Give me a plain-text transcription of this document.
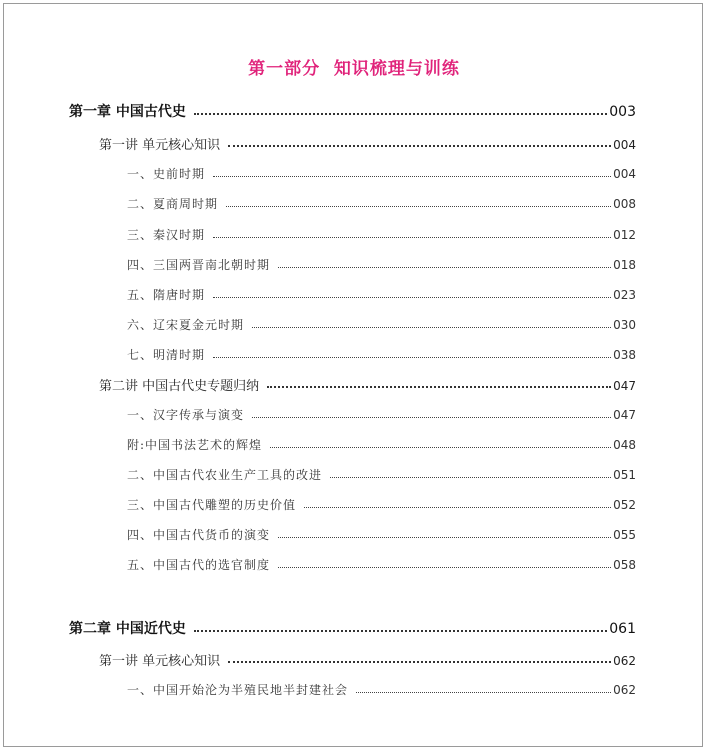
第一部分  知识梳理与训练
第一章 中国古代史	003
第一讲 单元核心知识	004
一、史前时期	004
二、夏商周时期	008
三、秦汉时期	012
四、三国两晋南北朝时期	018
五、隋唐时期	023
六、辽宋夏金元时期	030
七、明清时期	038
第二讲 中国古代史专题归纳	047
一、汉字传承与演变	047
附:中国书法艺术的辉煌	048
二、中国古代农业生产工具的改进	051
三、中国古代雕塑的历史价值	052
四、中国古代货币的演变	055
五、中国古代的选官制度	058
第二章 中国近代史	061
第一讲 单元核心知识	062
一、中国开始沦为半殖民地半封建社会	062
